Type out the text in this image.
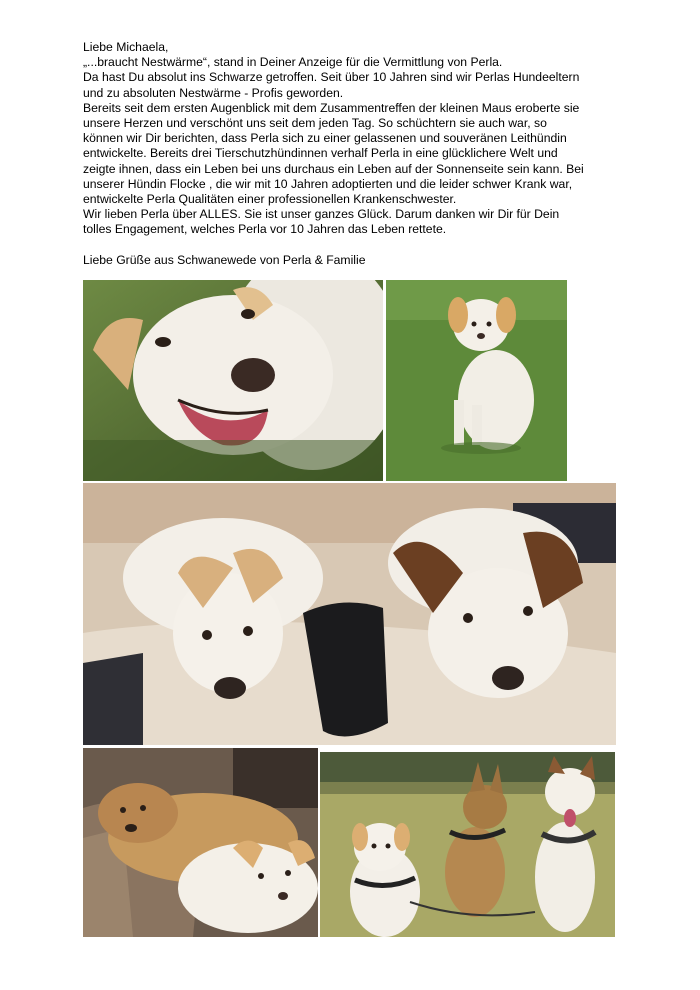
Liebe Michaela,

„...braucht Nestwärme“, stand in Deiner Anzeige für die Vermittlung von Perla.

Da hast Du absolut ins Schwarze getroffen. Seit über 10 Jahren sind wir Perlas Hundeeltern

und zu absoluten Nestwärme - Profis geworden.

Bereits seit dem ersten Augenblick mit dem Zusammentreffen der kleinen Maus eroberte sie

unsere Herzen und verschönt uns seit dem jeden Tag. So schüchtern sie auch war, so

können wir Dir berichten, dass Perla sich zu einer gelassenen und souveränen Leithündin

entwickelte. Bereits drei Tierschutzhündinnen verhalf Perla in eine glücklichere Welt und

zeigte ihnen, dass ein Leben bei uns durchaus ein Leben auf der Sonnenseite sein kann. Bei

unserer Hündin Flocke , die wir mit 10 Jahren adoptierten und die leider schwer Krank war,

entwickelte Perla Qualitäten einer professionellen Krankenschwester.

Wir lieben Perla über ALLES. Sie ist unser ganzes Glück. Darum danken wir Dir für Dein

tolles Engagement, welches Perla vor 10 Jahren das Leben rettete.

Liebe Grüße aus Schwanewede von Perla & Familie
